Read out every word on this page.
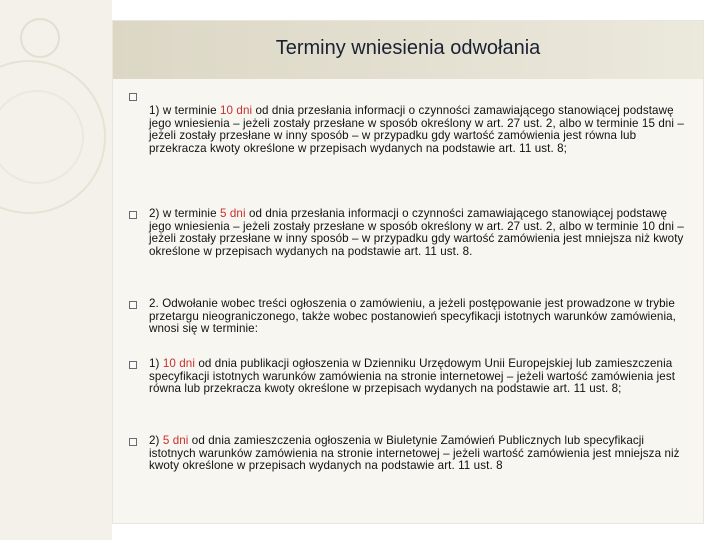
Terminy wniesienia odwołania
1) w terminie 10 dni od dnia przesłania informacji o czynności zamawiającego stanowiącej podstawę jego wniesienia – jeżeli zostały przesłane w sposób określony w art. 27 ust. 2, albo w terminie 15 dni – jeżeli zostały przesłane w inny sposób – w przypadku gdy wartość zamówienia jest równa lub przekracza kwoty określone w przepisach wydanych na podstawie art. 11 ust. 8;
2) w terminie 5 dni od dnia przesłania informacji o czynności zamawiającego stanowiącej podstawę jego wniesienia – jeżeli zostały przesłane w sposób określony w art. 27 ust. 2, albo w terminie 10 dni – jeżeli zostały przesłane w inny sposób – w przypadku gdy wartość zamówienia jest mniejsza niż kwoty określone w przepisach wydanych na podstawie art. 11 ust. 8.
2. Odwołanie wobec treści ogłoszenia o zamówieniu, a jeżeli postępowanie jest prowadzone w trybie przetargu nieograniczonego, także wobec postanowień specyfikacji istotnych warunków zamówienia, wnosi się w terminie:
1) 10 dni od dnia publikacji ogłoszenia w Dzienniku Urzędowym Unii Europejskiej lub zamieszczenia specyfikacji istotnych warunków zamówienia na stronie internetowej – jeżeli wartość zamówienia jest równa lub przekracza kwoty określone w przepisach wydanych na podstawie art. 11 ust. 8;
2) 5 dni od dnia zamieszczenia ogłoszenia w Biuletynie Zamówień Publicznych lub specyfikacji istotnych warunków zamówienia na stronie internetowej – jeżeli wartość zamówienia jest mniejsza niż kwoty określone w przepisach wydanych na podstawie art. 11 ust. 8
